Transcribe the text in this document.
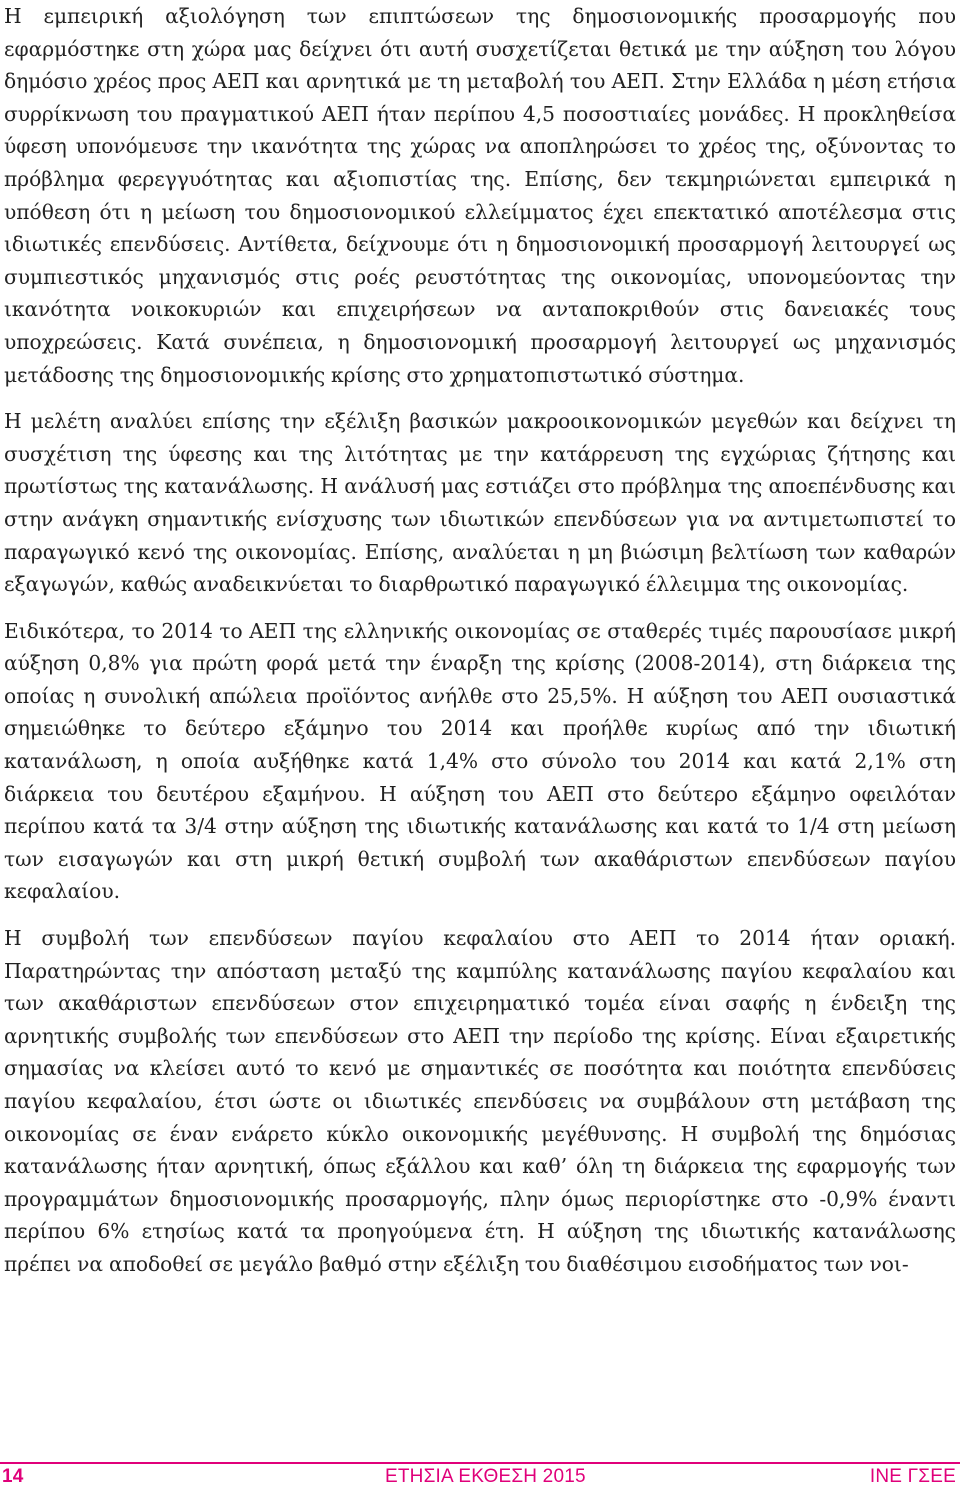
Η εμπειρική αξιολόγηση των επιπτώσεων της δημοσιονομικής προσαρμογής που εφαρμόστηκε στη χώρα μας δείχνει ότι αυτή συσχετίζεται θετικά με την αύξηση του λόγου δημόσιο χρέος προς ΑΕΠ και αρνητικά με τη μεταβολή του ΑΕΠ. Στην Ελλάδα η μέση ετήσια συρρίκνωση του πραγματικού ΑΕΠ ήταν περίπου 4,5 ποσοστιαίες μονάδες. Η προκληθείσα ύφεση υπονόμευσε την ικανότητα της χώρας να αποπληρώσει το χρέος της, οξύνοντας το πρόβλημα φερεγγυότητας και αξιοπιστίας της. Επίσης, δεν τεκμηριώνεται εμπειρικά η υπόθεση ότι η μείωση του δημοσιονομικού ελλείμματος έχει επεκτατικό αποτέλεσμα στις ιδιωτικές επενδύσεις. Αντίθετα, δείχνουμε ότι η δημοσιονομική προσαρμογή λειτουργεί ως συμπιεστικός μηχανισμός στις ροές ρευστότητας της οικονομίας, υπονομεύοντας την ικανότητα νοικοκυριών και επιχειρήσεων να ανταποκριθούν στις δανειακές τους υποχρεώσεις. Κατά συνέπεια, η δημοσιονομική προσαρμογή λειτουργεί ως μηχανισμός μετάδοσης της δημοσιονομικής κρίσης στο χρηματοπιστωτικό σύστημα.

Η μελέτη αναλύει επίσης την εξέλιξη βασικών μακροοικονομικών μεγεθών και δείχνει τη συσχέτιση της ύφεσης και της λιτότητας με την κατάρρευση της εγχώριας ζήτησης και πρωτίστως της κατανάλωσης. Η ανάλυσή μας εστιάζει στο πρόβλημα της αποεπένδυσης και στην ανάγκη σημαντικής ενίσχυσης των ιδιωτικών επενδύσεων για να αντιμετωπιστεί το παραγωγικό κενό της οικονομίας. Επίσης, αναλύεται η μη βιώσιμη βελτίωση των καθαρών εξαγωγών, καθώς αναδεικνύεται το διαρθρωτικό παραγωγικό έλλειμμα της οικονομίας.

Ειδικότερα, το 2014 το ΑΕΠ της ελληνικής οικονομίας σε σταθερές τιμές παρουσίασε μικρή αύξηση 0,8% για πρώτη φορά μετά την έναρξη της κρίσης (2008-2014), στη διάρκεια της οποίας η συνολική απώλεια προϊόντος ανήλθε στο 25,5%. Η αύξηση του ΑΕΠ ουσιαστικά σημειώθηκε το δεύτερο εξάμηνο του 2014 και προήλθε κυρίως από την ιδιωτική κατανάλωση, η οποία αυξήθηκε κατά 1,4% στο σύνολο του 2014 και κατά 2,1% στη διάρκεια του δευτέρου εξαμήνου. Η αύξηση του ΑΕΠ στο δεύτερο εξάμηνο οφειλόταν περίπου κατά τα 3/4 στην αύξηση της ιδιωτικής κατανάλωσης και κατά το 1/4 στη μείωση των εισαγωγών και στη μικρή θετική συμβολή των ακαθάριστων επενδύσεων παγίου κεφαλαίου.

Η συμβολή των επενδύσεων παγίου κεφαλαίου στο ΑΕΠ το 2014 ήταν οριακή. Παρατηρώντας την απόσταση μεταξύ της καμπύλης κατανάλωσης παγίου κεφαλαίου και των ακαθάριστων επενδύσεων στον επιχειρηματικό τομέα είναι σαφής η ένδειξη της αρνητικής συμβολής των επενδύσεων στο ΑΕΠ την περίοδο της κρίσης. Είναι εξαιρετικής σημασίας να κλείσει αυτό το κενό με σημαντικές σε ποσότητα και ποιότητα επενδύσεις παγίου κεφαλαίου, έτσι ώστε οι ιδιωτικές επενδύσεις να συμβάλουν στη μετάβαση της οικονομίας σε έναν ενάρετο κύκλο οικονομικής μεγέθυνσης. Η συμβολή της δημόσιας κατανάλωσης ήταν αρνητική, όπως εξάλλου και καθ’ όλη τη διάρκεια της εφαρμογής των προγραμμάτων δημοσιονομικής προσαρμογής, πλην όμως περιορίστηκε στο -0,9% έναντι περίπου 6% ετησίως κατά τα προηγούμενα έτη. Η αύξηση της ιδιωτικής κατανάλωσης πρέπει να αποδοθεί σε μεγάλο βαθμό στην εξέλιξη του διαθέσιμου εισοδήματος των νοι-

14	ΕΤΗΣΙΑ ΕΚΘΕΣΗ 2015	ΙΝΕ ΓΣΕΕ
